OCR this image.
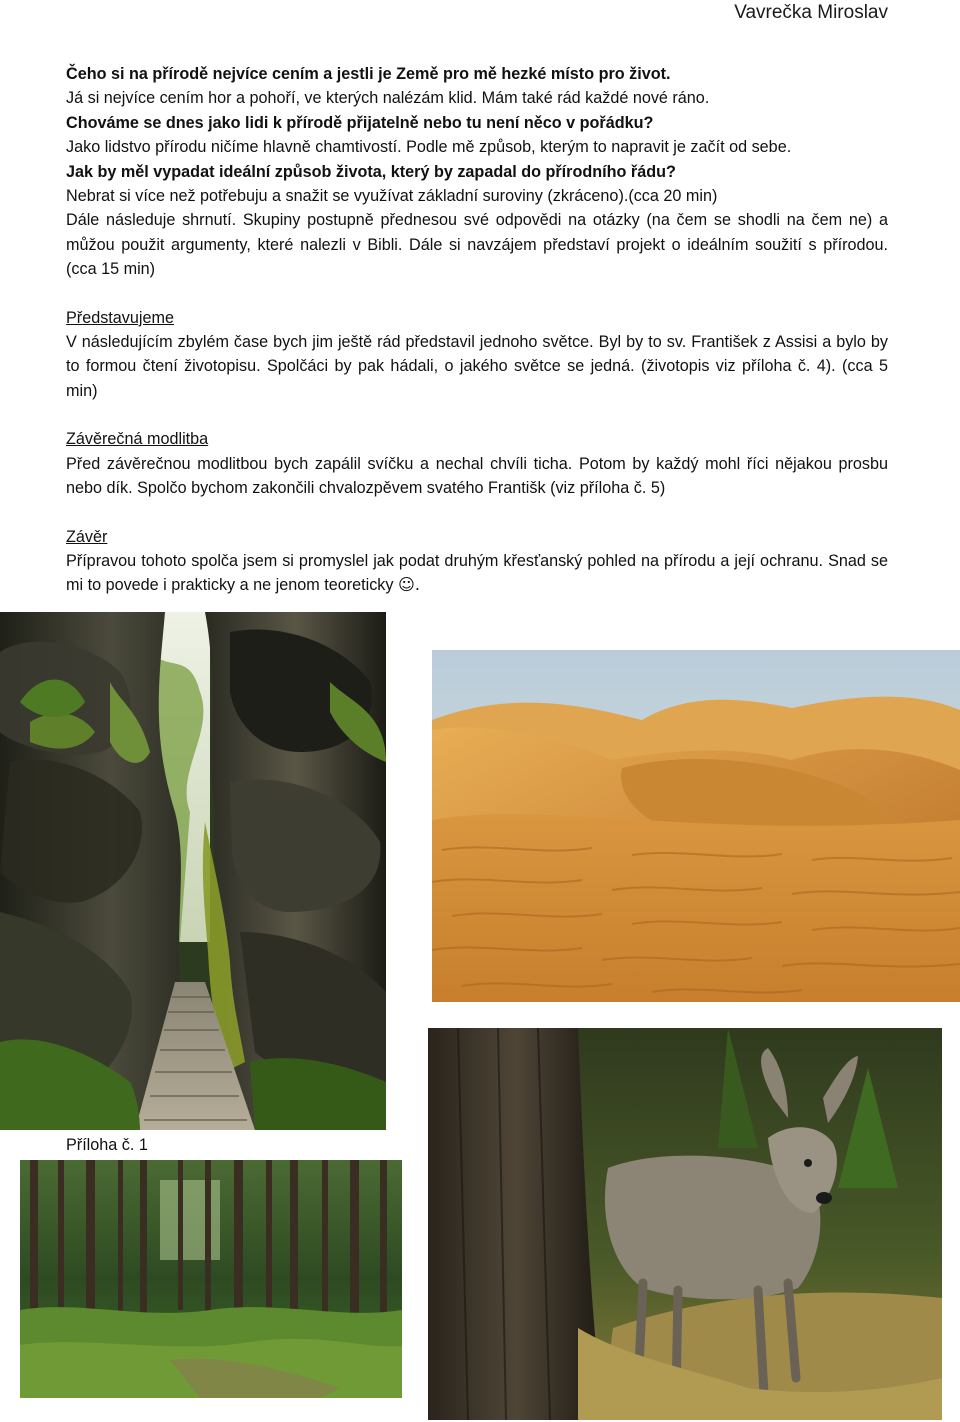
Vavrečka Miroslav
Čeho si na přírodě nejvíce cením a jestli je Země pro mě hezké místo pro život.
Já si nejvíce cením hor a pohoří, ve kterých nalézám klid. Mám také rád každé nové ráno.
Chováme se dnes jako lidi k přírodě přijatelně nebo tu není něco v pořádku?
Jako lidstvo přírodu ničíme hlavně chamtivostí. Podle mě způsob, kterým to napravit je začít od sebe.
Jak by měl vypadat ideální způsob života, který by zapadal do přírodního řádu?
Nebrat si více než potřebuju a snažit se využívat základní suroviny (zkráceno).(cca 20 min)
Dále následuje shrnutí. Skupiny postupně přednesou své odpovědi na otázky (na čem se shodli na čem ne) a můžou použit argumenty, které nalezli v Bibli. Dále si navzájem představí projekt o ideálním soužití s přírodou. (cca 15 min)
Představujeme
V následujícím zbylém čase bych jim ještě rád představil jednoho světce. Byl by to sv. František z Assisi a bylo by to formou čtení životopisu. Spolčáci by pak hádali, o jakého světce se jedná. (životopis viz příloha č. 4). (cca 5 min)
Závěrečná modlitba
Před závěrečnou modlitbou bych zapálil svíčku a nechal chvíli ticha. Potom by každý mohl říci nějakou prosbu nebo dík. Spolčo bychom zakončili chvalozpěvem svatého Františk (viz příloha č. 5)
Závěr
Přípravou tohoto spolča jsem si promyslel jak podat druhým křesťanský pohled na přírodu a její ochranu. Snad se mi to povede i prakticky a ne jenom teoreticky ☺.
Příloha č. 1
